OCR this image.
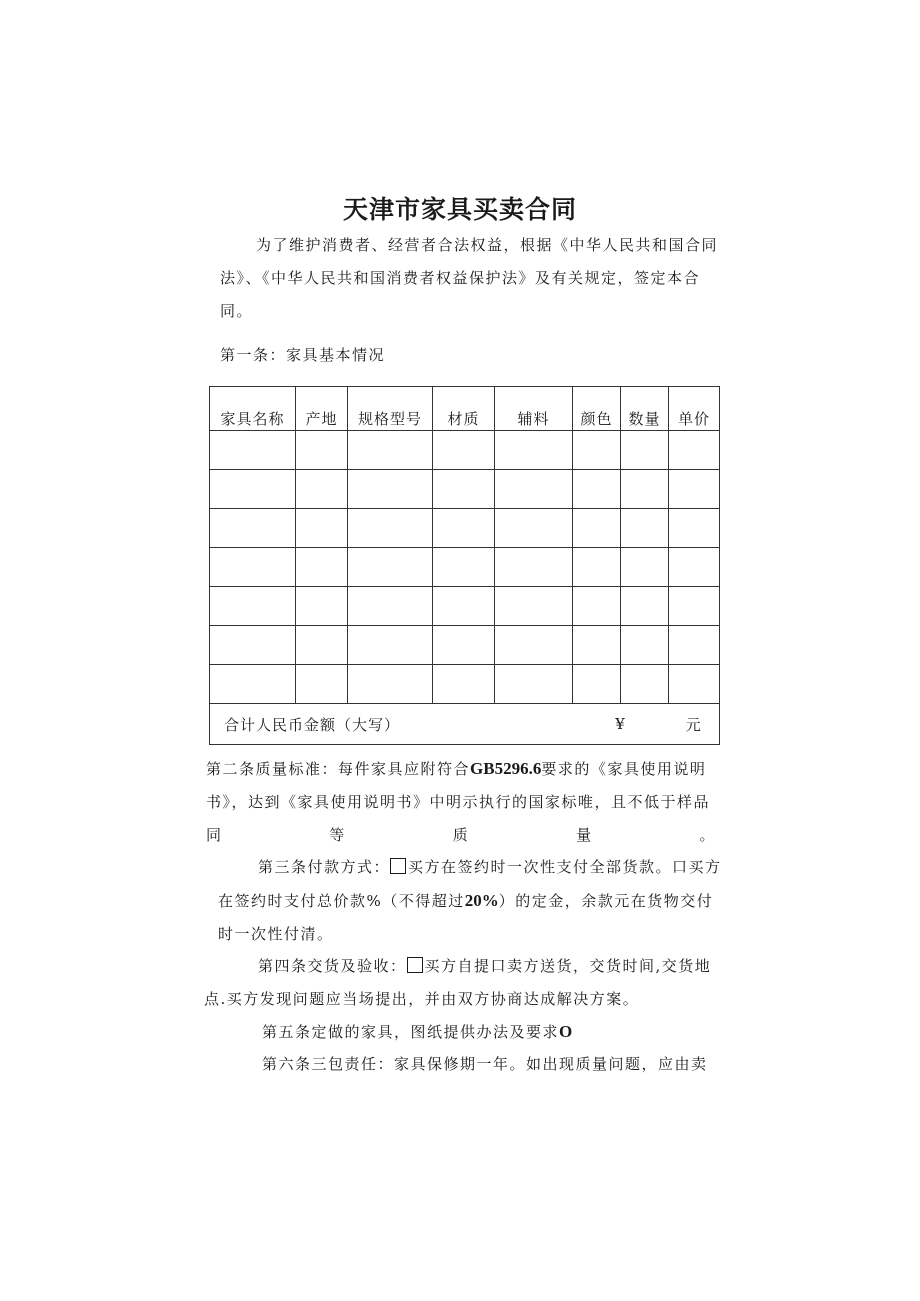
天津市家具买卖合同

为了维护消费者、经营者合法权益，根据《中华人民共和国合同法》、《中华人民共和国消费者权益保护法》及有关规定，签定本合同。

第一条：家具基本情况

家具名称	产地	规格型号	材质	辅料	颜色	数量	单价

合计人民币金额（大写）					¥		元
第二条质量标准：每件家具应附符合GB5296.6要求的《家具使用说明书》，达到《家具使用说明书》中明示执行的国家标唯，且不低于样品
同	等	质	量	。
第三条付款方式： 买方在签约时一次性支付全部货款。口买方在签约时支付总价款%（不得超过20%）的定金，余款元在货物交付时一次性付清。
第四条交货及验收： 买方自提口卖方送货，交货时间,交货地点.买方发现问题应当场提出，并由双方协商达成解决方案。
第五条定做的家具，图纸提供办法及要求O

第六条三包责任：家具保修期一年。如出现质量问题，应由卖
